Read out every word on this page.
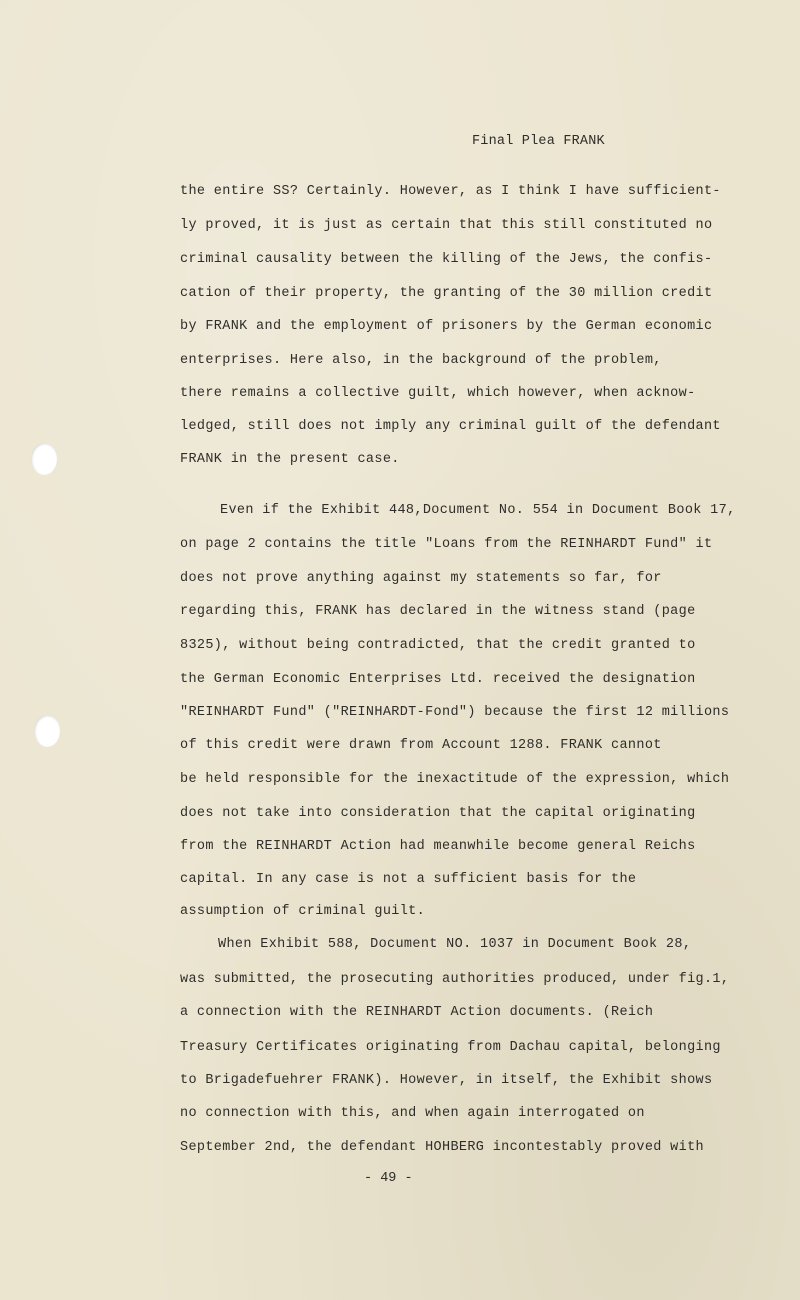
Final Plea FRANK
the entire SS? Certainly. However, as I think I have sufficient-
ly proved, it is just as certain that this still constituted no
criminal causality between the killing of the Jews, the confis-
cation of their property, the granting of the 30 million credit
by FRANK and the employment of prisoners by the German economic
enterprises. Here also, in the background of the problem,
there remains a collective guilt, which however, when acknow-
ledged, still does not imply any criminal guilt of the defendant
FRANK in the present case.
Even if the Exhibit 448,Document No. 554 in Document Book 17,
on page 2 contains the title "Loans from the REINHARDT Fund" it
does not prove anything against my statements so far, for
regarding this, FRANK has declared in the witness stand (page
8325), without being contradicted, that the credit granted to
the German Economic Enterprises Ltd. received the designation
"REINHARDT Fund" ("REINHARDT-Fond") because the first 12 millions
of this credit were drawn from Account 1288. FRANK cannot
be held responsible for the inexactitude of the expression, which
does not take into consideration that the capital originating
from the REINHARDT Action had meanwhile become general Reichs
capital. In any case is not a sufficient basis for the
assumption of criminal guilt.
When Exhibit 588, Document NO. 1037 in Document Book 28,
was submitted, the prosecuting authorities produced, under fig.1,
a connection with the REINHARDT Action documents. (Reich
Treasury Certificates originating from Dachau capital, belonging
to Brigadefuehrer FRANK). However, in itself, the Exhibit shows
no connection with this, and when again interrogated on
September 2nd, the defendant HOHBERG incontestably proved with
- 49 -
